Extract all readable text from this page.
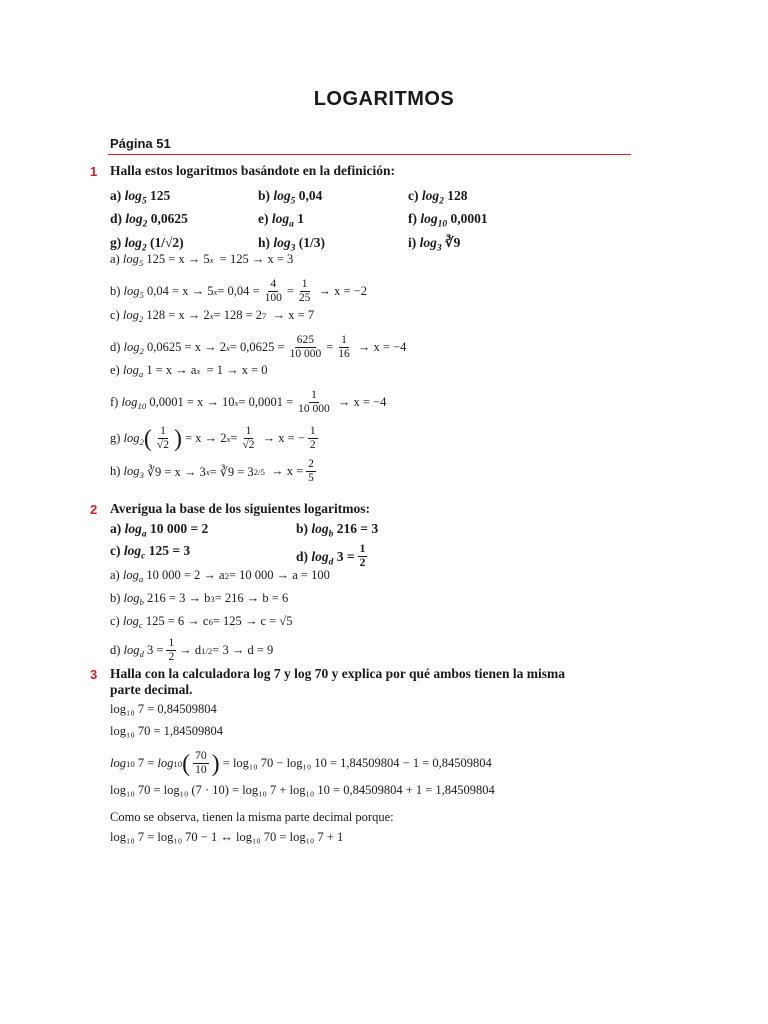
LOGARITMOS
Página 51
1 Halla estos logaritmos basándote en la definición:
a) $\log_5 125$	b) $\log_5 0,04$	c) $\log_2 128$
d) $\log_2 0,0625$	e) $\log_a 1$	f) $\log_{10} 0,0001$
g) $\log_2 (1/√2)$	h) $\log_3 (1/3)$	i) $\log_3$ ∛9
a) $\log_5 125 = x \to 5$ x = 125 → x = 3
b) $\log_5 0,04 = x \to 5$ $x = 0,04 = \frac{4}{100} = \frac{1}{25} \to x = -2$
c) $\log_2 128 = x \to 2$ x = 128 = 2 7 → x = 7
d) $\log_2 0,0625 = x \to 2$ $x = 0,0625 = \frac{625}{10 000} = \frac{1}{16} \to x = -4$
e) $\log_a 1 = x \to a$ x = 1 → x = 0
f) $\log_{10} 0,0001 = x \to 10$ $x = 0,0001 = \frac{1}{10 000} \to x = -4$
g) $\log_2$ ( $\frac{1}{√2}$ ) = x → 2 $x = \frac{1}{√2} \to x$ = − $\frac{1}{2}$
h) $\log_3$ ∛9 = x → 3 x = ∛9 = 3 $2/5 \to x = \frac{2}{5}$
2 Averigua la base de los siguientes logaritmos:
a) $\log_a 10$ 000 = 2	b) $\log_b 216 = 3$
c) $\log_c 125 = 3$	d) $\log_d 3 = \frac{1}{2}$
a) $\log_a 10$ 000 = 2 → a 2 = 10 000 → a = 100
b) $\log_b 216 = 3 \to b$ 3 = 216 → b = 6
c) $\log_c 125 = 6 \to c$ 6 = 125 → c = √5
d) $\log_d 3 = \frac{1}{2} \to d$ 1/2 = 3 → d = 9
3 Halla con la calculadora log 7 y log 70 y explica por qué ambos tienen la misma parte decimal.
log₁₀ 7 = 0,84509804
log₁₀ 70 = 1,84509804
log 10 7 = log 10 ( $\frac{70}{10}$ )
= log₁₀ 70 − log₁₀ 10 = 1,84509804 − 1 = 0,84509804
log₁₀ 70 = log₁₀ (7 · 10) = log₁₀ 7 + log₁₀ 10 = 0,84509804 + 1 = 1,84509804
Como se observa, tienen la misma parte decimal porque:
log₁₀ 7 = log₁₀ 70 − 1 ↔ log₁₀ 70 = log₁₀ 7 + 1
